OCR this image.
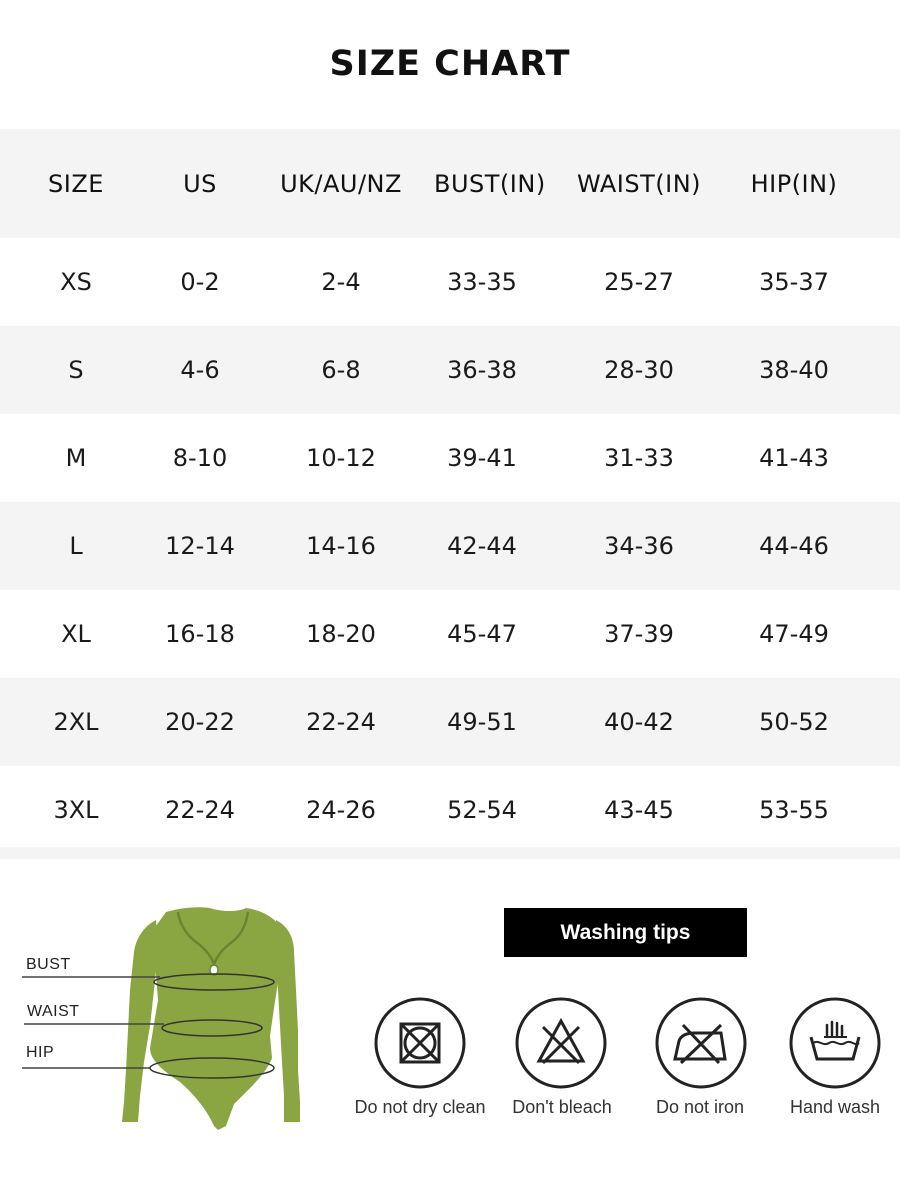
SIZE CHART
SIZE	US	UK/AU/NZ	BUST(IN)	WAIST(IN)	HIP(IN)
XS	0-2	2-4	33-35	25-27	35-37
S	4-6	6-8	36-38	28-30	38-40
M	8-10	10-12	39-41	31-33	41-43
L	12-14	14-16	42-44	34-36	44-46
XL	16-18	18-20	45-47	37-39	47-49
2XL	20-22	22-24	49-51	40-42	50-52
3XL	22-24	24-26	52-54	43-45	53-55
BUST
WAIST
HIP
Washing tips
Do not dry clean	Don't bleach	Do not iron	Hand wash
